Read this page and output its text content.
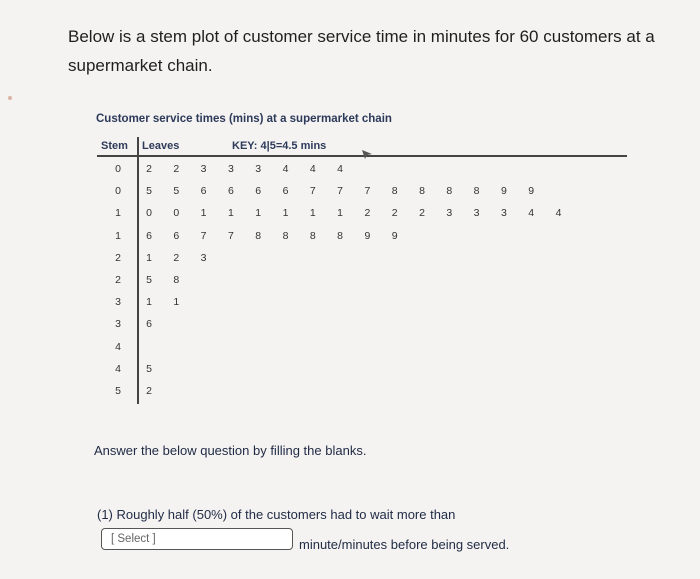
Below is a stem plot of customer service time in minutes for 60 customers at a supermarket chain.
Customer service times (mins) at a supermarket chain
Stem Leaves	KEY: 4|5=4.5 mins
0	2 2 3 3 3 4 4 4
0	5 5 6 6 6 6 7 7 7 8 8 8 8 9 9
1	0 0 1 1 1 1 1 1 2 2 2 3 3 3 4 4
1	6 6 7 7 8 8 8 8 9 9
2	1 2 3
2	5 8
3	1 1
3	6
4
4	5
5	2
Answer the below question by filling the blanks.
(1) Roughly half (50%) of the customers had to wait more than
[ Select ]	minute/minutes before being served.
